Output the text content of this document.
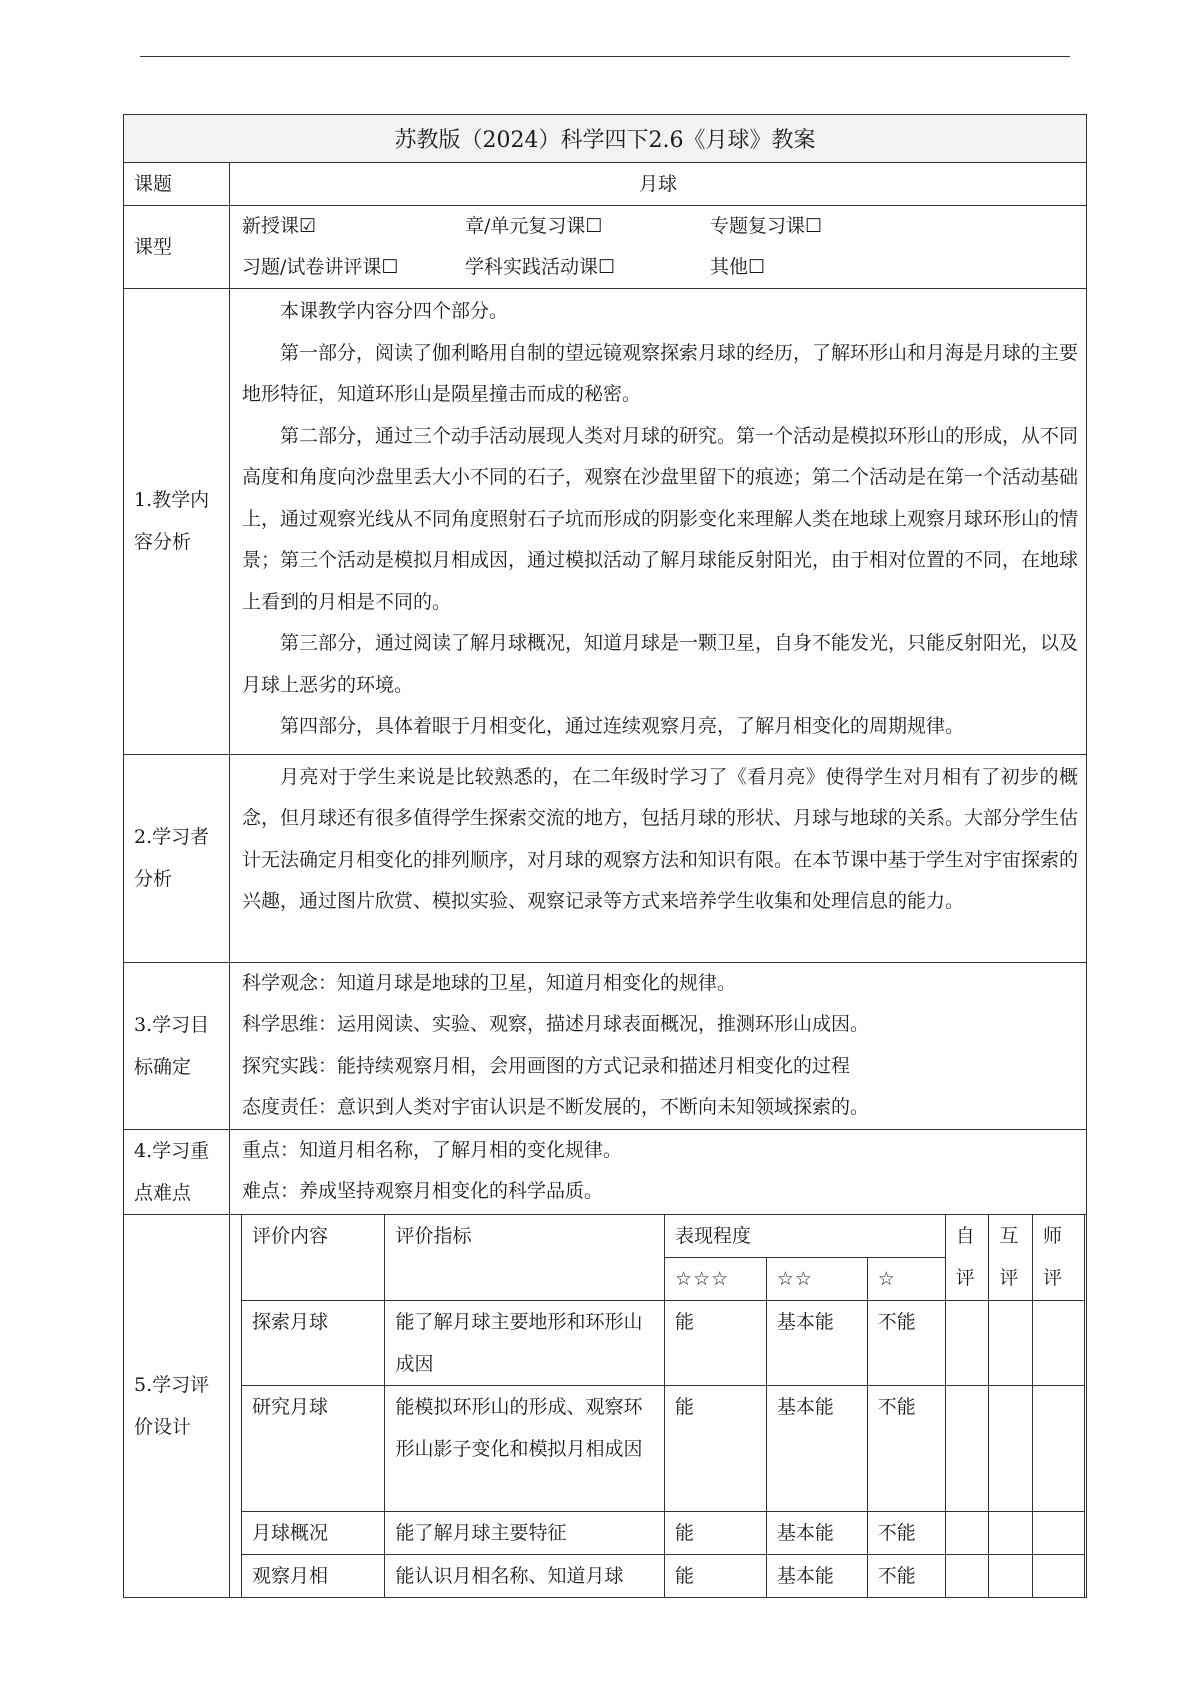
苏教版（2024）科学四下2.6《月球》教案
课题	月球
课型	
新授课☑	章/单元复习课☐	专题复习课☐
习题/试卷讲评课☐	学科实践活动课☐	其他☐

1.教学内容分析	

本课教学内容分四个部分。

第一部分，阅读了伽利略用自制的望远镜观察探索月球的经历，了解环形山和月海是月球的主要地形特征，知道环形山是陨星撞击而成的秘密。

第二部分，通过三个动手活动展现人类对月球的研究。第一个活动是模拟环形山的形成，从不同高度和角度向沙盘里丢大小不同的石子，观察在沙盘里留下的痕迹；第二个活动是在第一个活动基础上，通过观察光线从不同角度照射石子坑而形成的阴影变化来理解人类在地球上观察月球环形山的情景；第三个活动是模拟月相成因，通过模拟活动了解月球能反射阳光，由于相对位置的不同，在地球上看到的月相是不同的。

第三部分，通过阅读了解月球概况，知道月球是一颗卫星，自身不能发光，只能反射阳光，以及月球上恶劣的环境。

第四部分，具体着眼于月相变化，通过连续观察月亮，了解月相变化的周期规律。

2.学习者分析	

月亮对于学生来说是比较熟悉的，在二年级时学习了《看月亮》使得学生对月相有了初步的概念，但月球还有很多值得学生探索交流的地方，包括月球的形状、月球与地球的关系。大部分学生估计无法确定月相变化的排列顺序，对月球的观察方法和知识有限。在本节课中基于学生对宇宙探索的兴趣，通过图片欣赏、模拟实验、观察记录等方式来培养学生收集和处理信息的能力。

3.学习目标确定	

科学观念：知道月球是地球的卫星，知道月相变化的规律。

科学思维：运用阅读、实验、观察，描述月球表面概况，推测环形山成因。

探究实践：能持续观察月相，会用画图的方式记录和描述月相变化的过程

态度责任：意识到人类对宇宙认识是不断发展的，不断向未知领域探索的。

4.学习重点难点	

重点：知道月相名称，了解月相的变化规律。

难点：养成坚持观察月相变化的科学品质。

5.学习评价设计	
评价内容	评价指标	表现程度	自评	互评	师评
☆☆☆	☆☆	☆
探索月球	能了解月球主要地形和环形山成因	能	基本能	不能			
研究月球	能模拟环形山的形成、观察环形山影子变化和模拟月相成因	能	基本能	不能			
月球概况	能了解月球主要特征	能	基本能	不能			
观察月相	能认识月相名称、知道月球	能	基本能	不能			
